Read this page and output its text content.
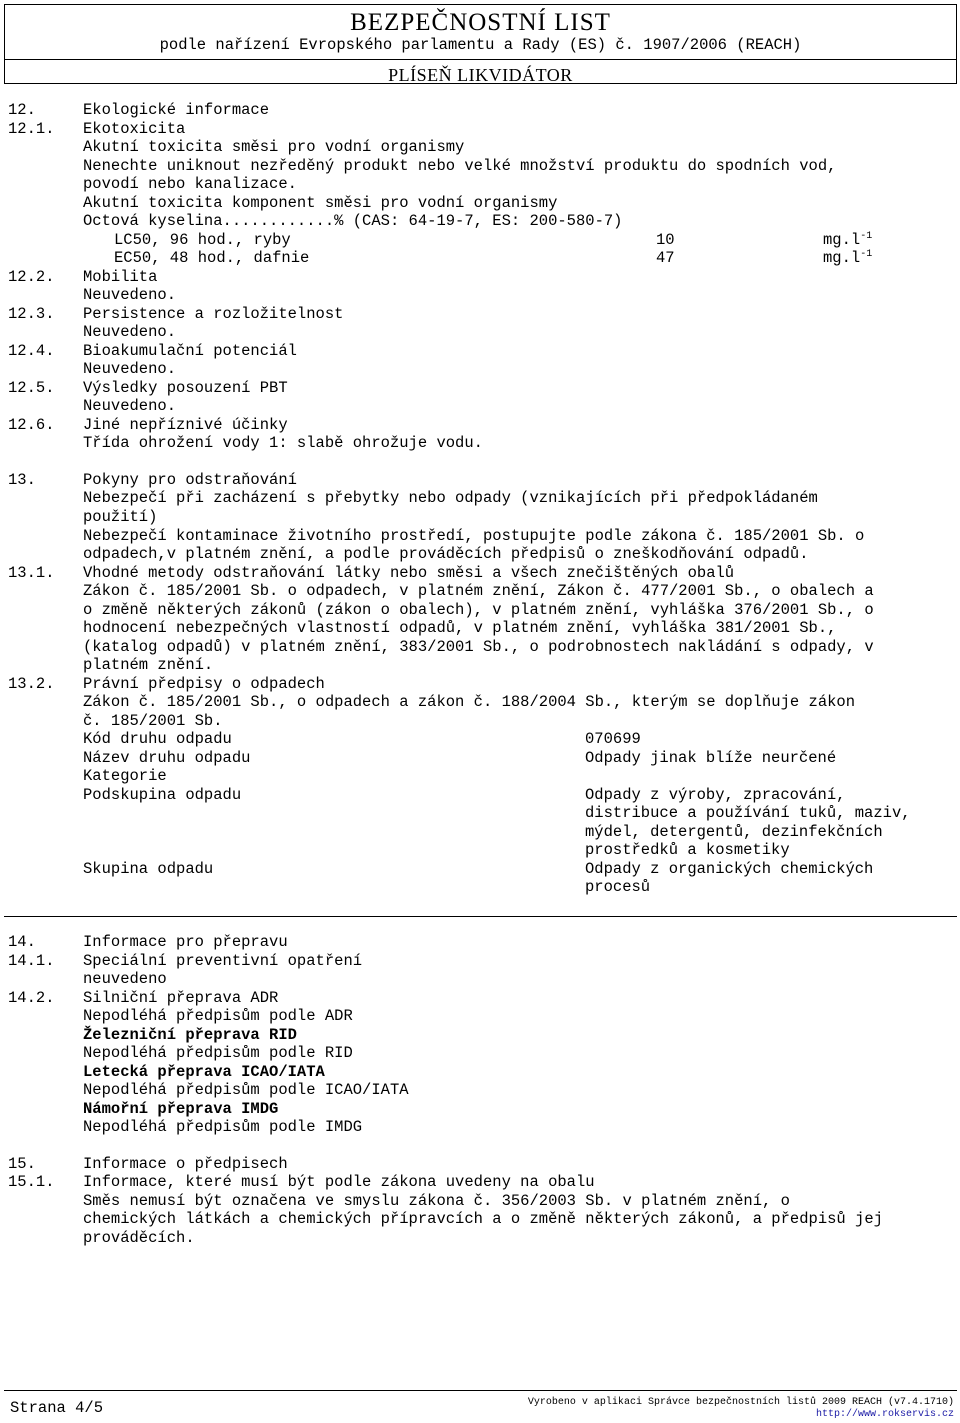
BEZPEČNOSTNÍ LIST
podle nařízení Evropského parlamentu a Rady (ES) č. 1907/2006 (REACH)
PLÍSEŇ LIKVIDÁTOR
12.	Ekologické informace
12.1. Ekotoxicita
Akutní toxicita směsi pro vodní organismy
Nenechte uniknout nezředěný produkt nebo velké množství produktu do spodních vod,
povodí nebo kanalizace.
Akutní toxicita komponent směsi pro vodní organismy
Octová kyselina............% (CAS: 64-19-7, ES: 200-580-7)
LC50, 96 hod., ryby	10	$mg.l^{-1}$
EC50, 48 hod., dafnie	47	$mg.l^{-1}$
12.2. Mobilita
Neuvedeno.
12.3. Persistence a rozložitelnost
Neuvedeno.
12.4. Bioakumulační potenciál
Neuvedeno.
12.5. Výsledky posouzení PBT
Neuvedeno.
12.6. Jiné nepříznivé účinky
Třída ohrožení vody 1: slabě ohrožuje vodu.
13.	Pokyny pro odstraňování
Nebezpečí při zacházení s přebytky nebo odpady (vznikajících při předpokládaném
použití)
Nebezpečí kontaminace životního prostředí, postupujte podle zákona č. 185/2001 Sb. o
odpadech,v platném znění, a podle prováděcích předpisů o zneškodňování odpadů.
13.1. Vhodné metody odstraňování látky nebo směsi a všech znečištěných obalů
Zákon č. 185/2001 Sb. o odpadech, v platném znění, Zákon č. 477/2001 Sb., o obalech a
o změně některých zákonů (zákon o obalech), v platném znění, vyhláška 376/2001 Sb., o
hodnocení nebezpečných vlastností odpadů, v platném znění, vyhláška 381/2001 Sb.,
(katalog odpadů) v platném znění, 383/2001 Sb., o podrobnostech nakládání s odpady, v
platném znění.
13.2. Právní předpisy o odpadech
Zákon č. 185/2001 Sb., o odpadech a zákon č. 188/2004 Sb., kterým se doplňuje zákon
č. 185/2001 Sb.
Kód druhu odpadu	070699
Název druhu odpadu	Odpady jinak blíže neurčené
Kategorie
Podskupina odpadu	Odpady z výroby, zpracování,
distribuce a používání tuků, maziv,
mýdel, detergentů, dezinfekčních
prostředků a kosmetiky
Skupina odpadu	Odpady z organických chemických
procesů
14.	Informace pro přepravu
14.1. Speciální preventivní opatření
neuvedeno
14.2. Silniční přeprava ADR
Nepodléhá předpisům podle ADR
Železniční přeprava RID
Nepodléhá předpisům podle RID
Letecká přeprava ICAO/IATA
Nepodléhá předpisům podle ICAO/IATA
Námořní přeprava IMDG
Nepodléhá předpisům podle IMDG
15.	Informace o předpisech
15.1. Informace, které musí být podle zákona uvedeny na obalu
Směs nemusí být označena ve smyslu zákona č. 356/2003 Sb. v platném znění, o
chemických látkách a chemických přípravcích a o změně některých zákonů, a předpisů jej
prováděcích.
Strana 4/5	Vyrobeno v aplikaci Správce bezpečnostních listů 2009 REACH (v7.4.1710)
http://www.rokservis.cz
